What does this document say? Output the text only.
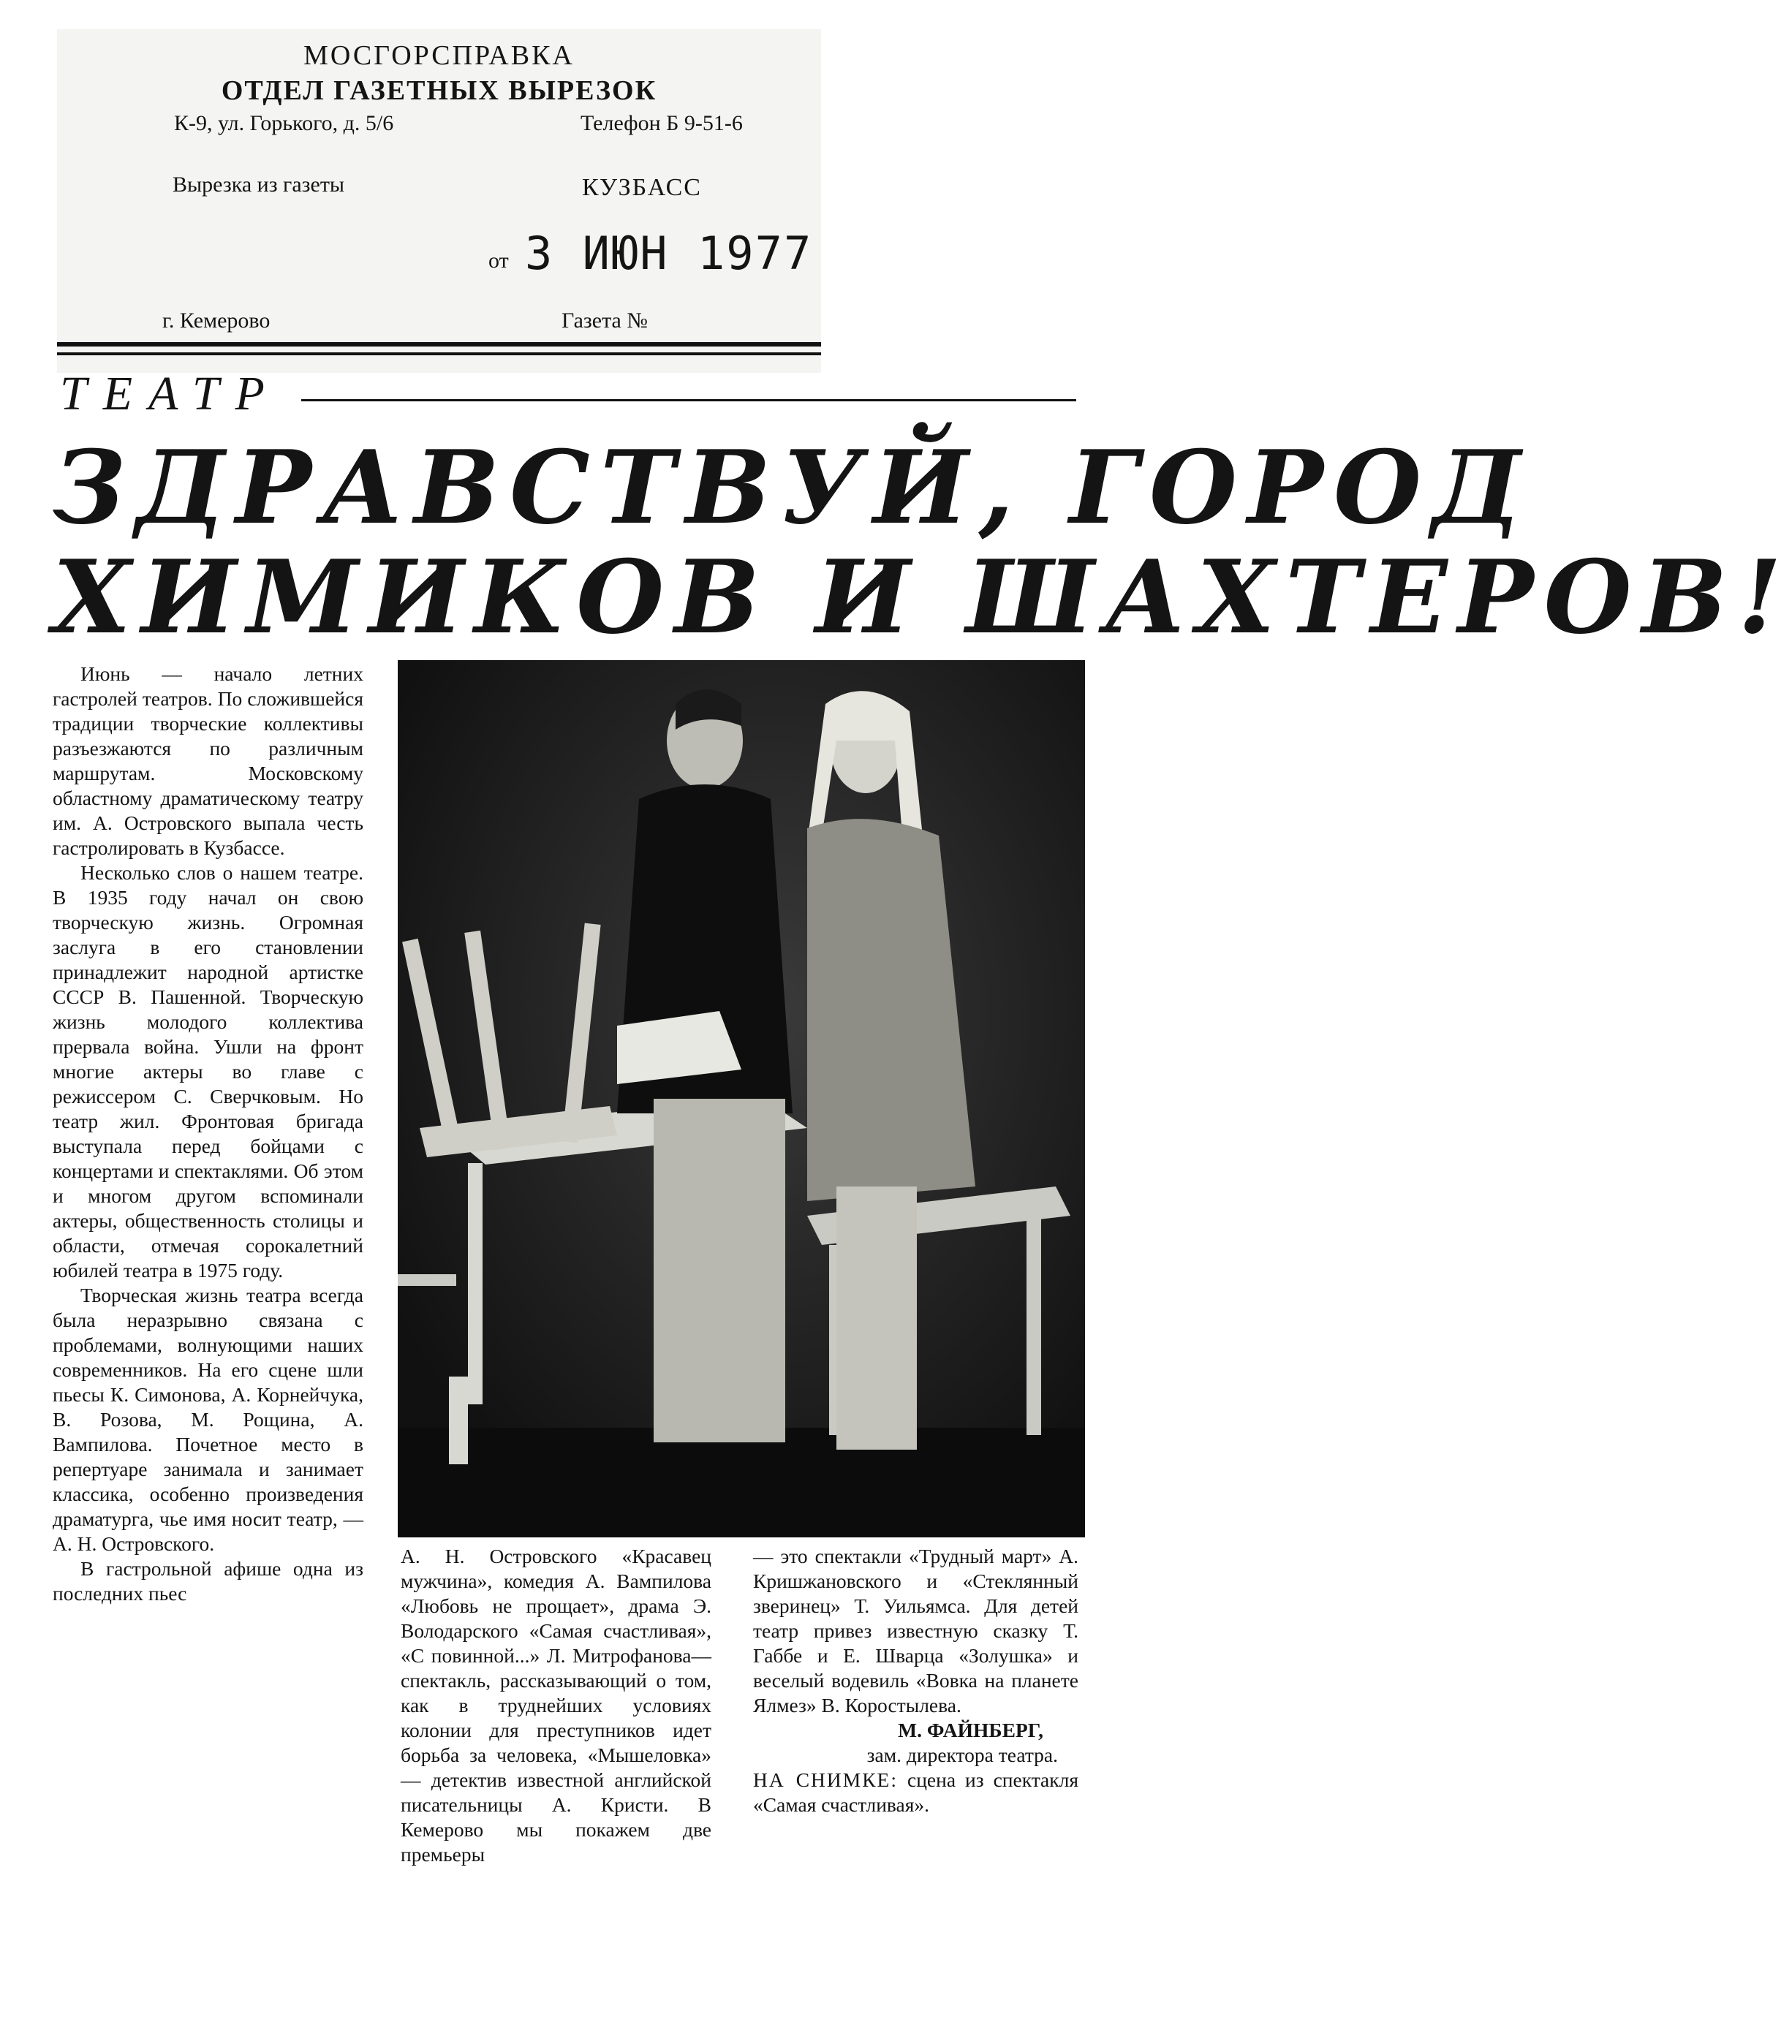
МОСГОРСПРАВКА
ОТДЕЛ ГАЗЕТНЫХ ВЫРЕЗОК
К-9, ул. Горького, д. 5/6	Телефон Б 9-51-6
Вырезка из газеты	КУЗБАСС
от 3 ИЮН 1977
г. Кемерово	Газета №
ТЕАТР
ЗДРАВСТВУЙ, ГОРОД
ХИМИКОВ И ШАХТЕРОВ!

Июнь — начало летних гастролей театров. По сложившейся традиции творческие коллективы разъезжаются по различным маршрутам. Московскому областному драматическому театру им. А. Островского выпала честь гастролировать в Кузбассе.

Несколько слов о нашем театре. В 1935 году начал он свою творческую жизнь. Огромная заслуга в его становлении принадлежит народной артистке СССР В. Пашенной. Творческую жизнь молодого коллектива прервала война. Ушли на фронт многие актеры во главе с режиссером С. Сверчковым. Но театр жил. Фронтовая бригада выступала перед бойцами с концертами и спектаклями. Об этом и многом другом вспоминали актеры, общественность столицы и области, отмечая сорокалетний юбилей театра в 1975 году.

Творческая жизнь театра всегда была неразрывно связана с проблемами, волнующими наших современников. На его сцене шли пьесы К. Симонова, А. Корнейчука, В. Розова, М. Рощина, А. Вампилова. Почетное место в репертуаре занимала и занимает классика, особенно произведения драматурга, чье имя носит театр, — А. Н. Островского.

В гастрольной афише одна из последних пьес

А. Н. Островского «Красавец мужчина», комедия А. Вампилова «Любовь не прощает», драма Э. Володарского «Самая счастливая», «С повинной...» Л. Митрофанова—спектакль, рассказывающий о том, как в труднейших условиях колонии для преступников идет борьба за человека, «Мышеловка» — детектив известной английской писательницы А. Кристи. В Кемерово мы покажем две премьеры

— это спектакли «Трудный март» А. Кришжановского и «Стеклянный зверинец» Т. Уильямса. Для детей театр привез известную сказку Т. Габбе и Е. Шварца «Золушка» и веселый водевиль «Вовка на планете Ялмез» В. Коростылева.

М. ФАЙНБЕРГ,

зам. директора театра.

НА СНИМКЕ: сцена из спектакля «Самая счастливая».
